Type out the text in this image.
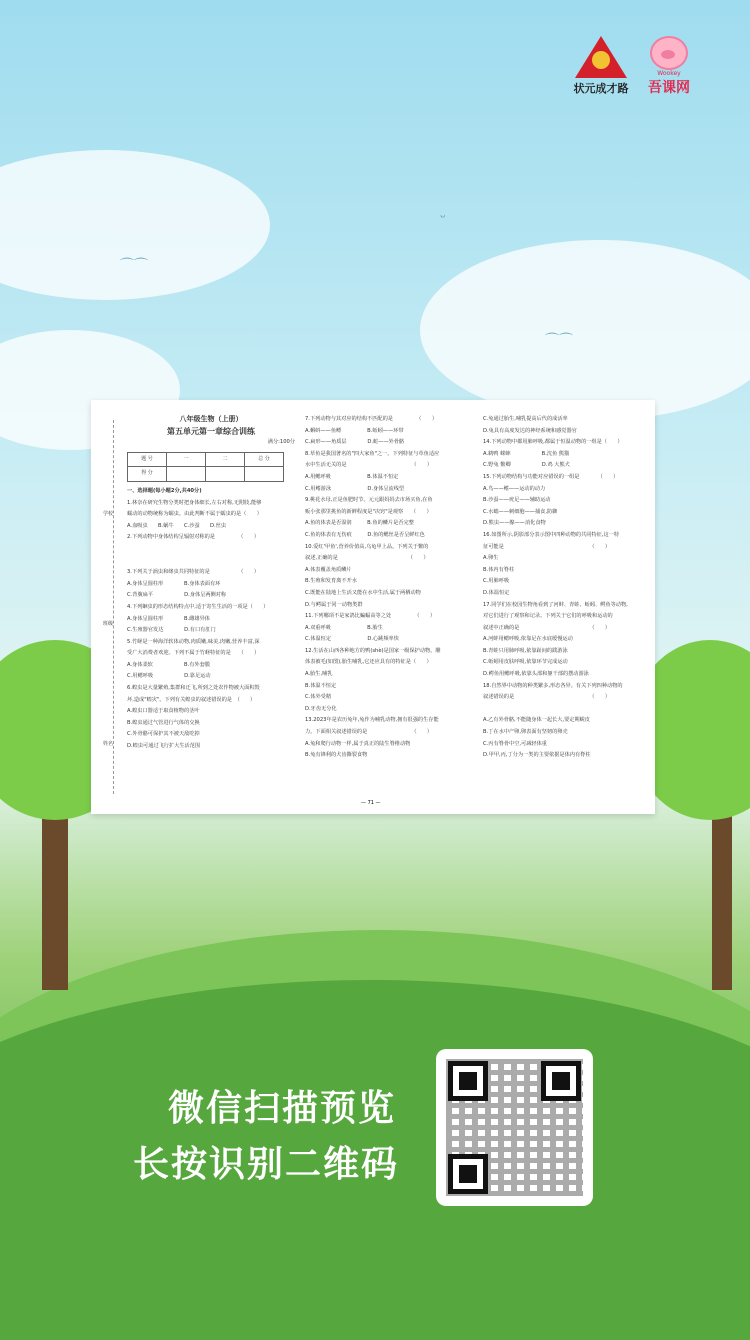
⌒⌒
ᵕ
⌒⌒
状元成才路
Wookey
吾课网
学校
班级
姓名
八年级生物（上册）
第五单元第一章综合训练
满分:100分
题 号	一	二	总 分
得 分			
一、选择题(每小题2分,共40分)
1.林奈在研究生物分类时把身体细长,左右对称,无附肢,能够
蠕动的动物统称为蠕虫。由此判断不属于蠕虫的是（　　）
A.血吸虫　　B.蜗牛　　C.沙蚕　　D.丝虫
2.下列动物中身体结构呈辐射对称的是　　　　　（　　）

3.下列关于涡虫和绦虫共同特征的是　　　　　　（　　）
A.身体呈圆柱形　　　　B.身体表面有环
C.背腹扁平　　　　　　D.身体呈两侧对称
4.下列蛔虫的形态结构特点中,适于寄生生活的一项是（　　）
A.身体呈圆柱形　　　　B.雌雄异体
C.生殖器官发达　　　　D.有口有肛门
5.竹蛏是一种海洋软体动物,肉质嫩,味美,肉嫩,营养丰富,深
受广大消费者欢迎。下列不属于竹蛏特征的是　　（　　）
A.身体柔软　　　　　　B.有外套膜
C.用鳃呼吸　　　　　　D.靠足运动
6.蝗虫是大量繁殖,集群和迁飞,所到之处农作物被大面积毁
坏,造成"蝗灾"。下列有关蝗虫的叙述错误的是　（　　）
A.蝗虫口器适于取食植物的茎叶
B.蝗虫通过气管进行气体的交换
C.外骨骼可保护其不被天敌吃掉
D.蝗虫可通过飞行扩大生活范围
7.下列动物与其对应的结构不匹配的是　　　　　（　　）
A.蝌蚪——鱼鳔　　　　　B.蚯蚓——环带
C.扁形——角质层　　　　D.蛇——外骨骼
8.草鱼是我国著名的"四大家鱼"之一。下列特征与草鱼适应
水中生活无关的是　　　　　　　　　　　　　（　　）
A.用鳃呼吸　　　　　　　B.体温不恒定
C.用鳍游泳　　　　　　　D.身体呈流线型
9.桃花水母,正是鱼肥时节。元元跟妈妈去市场买鱼,在鱼
贩小张那里挑鱼的新鲜程度是"决窍"是观察　　（　　）
A.鱼的体表是否湿润　　　B.鱼的鳞片是否完整
C.鱼的体表有无伤痕　　　D.鱼的鳃丝是否呈鲜红色
10.爱红'甲鱼',营养价值高,乌龟甲上品。下列关于鳖的
叙述,正确的是　　　　　　　　　　　　　　（　　）
A.体表覆盖角质鳞片
B.生殖和发育离不开水
C.既能在陆地上生活又能在水中生活,属于两栖动物
D.与鳄属于同一动物类群
11.下列哪项不是家鸽比蝙蝠高等之处　　　　　（　　）
A.双重呼吸　　　　　　　B.胎生
C.体温恒定　　　　　　　D.心跳频率快
12.生活在山西各种地方的鸭(shè)是国家一级保护动物。雕
体表被毛(如图),胎生哺乳,它还应具有的特征是（　　）
A.胎生,哺乳
B.体温不恒定
C.体外受精
D.牙齿无分化
13.2023年是农历兔年,兔作为哺乳动物,拥有很强的生存能
力。下面相关叙述错误的是　　　　　　　　　（　　）
A.兔和爬行动物一样,属于真正的陆生脊椎动物
B.兔有锋利的犬齿撕裂食物
C.兔通过胎生,哺乳提高后代的成活率
D.兔具有高度发达的神经系统和感觉器官
14.下列动物中都用肺呼吸,都属于恒温动物的一组是（　　）
A.鹤鸭 蝾蟀　　　　　　B.沈鱼 熊猫
C.野兔 鳖卿　　　　　　D.鸡 大熊犬
15.下列动物结构与功能对应错误的一组是　　　　（　　）
A.鸟——鳍——运动的动力
B.沙蚕——疣足——辅助运动
C.水螅——刺细胞——捕食,防御
D.熊虫——腺——消化食物
16.如图所示,阴影部分表示图中四种动物的共同特征,这一特
征可能是　　　　　　　　　　　　　　　　　（　　）
A.卵生
B.体内有脊柱
C.用肺呼吸
D.体温恒定
17.同学们在校园生物角看到了河蚌、青蛙、蚯蚓、鳄鱼等动物,
对它们进行了观察和记录。下列关于它们的呼吸和运动的
叙述中正确的是　　　　　　　　　　　　　　（　　）
A.河蚌用鳃呼吸,依靠足在水底缓慢运动
B.青蛙只用肺呼吸,依靠趾间的蹼游泳
C.蚯蚓用皮肤呼吸,依靠环节完成运动
D.鳄鱼用鳃呼吸,依靠头部和躯干部的摆动游泳
18.自然界中动物的种类繁多,形态各异。有关下列四种动物的
叙述错误的是　　　　　　　　　　　　　　　（　　）

A.乙有外骨骼,不能随身体一起长大,要定期蜕皮
B.丁在水中产卵,卵表面有坚韧的卵壳
C.丙有脊骨中空,可减轻体重
D.甲甲,丙,丁分为一类的主要依据是体内有脊柱
— 71 —
微信扫描预览
长按识别二维码
